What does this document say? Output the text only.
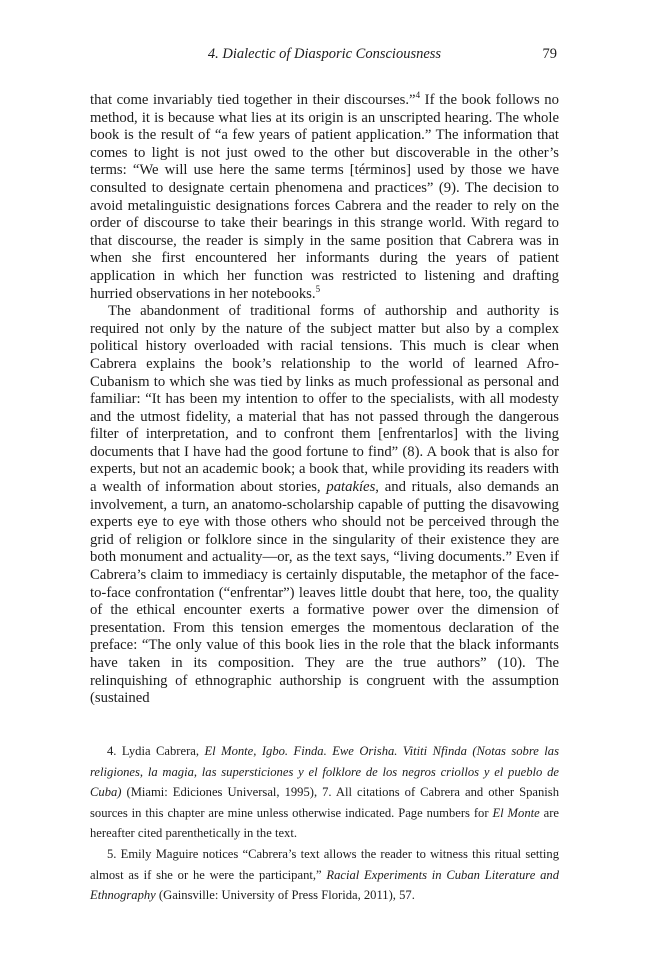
4. Dialectic of Diasporic Consciousness	79

that come invariably tied together in their discourses.”$^4$ If the book follows no method, it is because what lies at its origin is an unscripted hearing. The whole book is the result of “a few years of patient application.” The information that comes to light is not just owed to the other but discoverable in the other’s terms: “We will use here the same terms [términos] used by those we have consulted to designate certain phenomena and practices” (9). The decision to avoid metalinguistic designations forces Cabrera and the reader to rely on the order of discourse to take their bearings in this strange world. With regard to that discourse, the reader is simply in the same position that Cabrera was in when she first encountered her informants during the years of patient application in which her function was restricted to listening and drafting hurried observations in her notebooks.$^5$

The abandonment of traditional forms of authorship and authority is required not only by the nature of the subject matter but also by a complex political history overloaded with racial tensions. This much is clear when Cabrera explains the book’s relationship to the world of learned Afro-Cubanism to which she was tied by links as much professional as personal and familiar: “It has been my intention to offer to the specialists, with all modesty and the utmost fidelity, a material that has not passed through the dangerous filter of interpretation, and to confront them [enfrentarlos] with the living documents that I have had the good fortune to find” (8). A book that is also for experts, but not an academic book; a book that, while providing its readers with a wealth of information about stories, patakíes, and rituals, also demands an involvement, a turn, an anatomo-scholarship capable of putting the disavowing experts eye to eye with those others who should not be perceived through the grid of religion or folklore since in the singularity of their existence they are both monument and actuality—or, as the text says, “living documents.” Even if Cabrera’s claim to immediacy is certainly disputable, the metaphor of the face-to-face confrontation (“enfrentar”) leaves little doubt that here, too, the quality of the ethical encounter exerts a formative power over the dimension of presentation. From this tension emerges the momentous declaration of the preface: “The only value of this book lies in the role that the black informants have taken in its composition. They are the true authors” (10). The relinquishing of ethnographic authorship is congruent with the assumption (sustained

4. Lydia Cabrera, El Monte, Igbo. Finda. Ewe Orisha. Vititi Nfinda (Notas sobre las religiones, la magia, las supersticiones y el folklore de los negros criollos y el pueblo de Cuba) (Miami: Ediciones Universal, 1995), 7. All citations of Cabrera and other Spanish sources in this chapter are mine unless otherwise indicated. Page numbers for El Monte are hereafter cited parenthetically in the text.

5. Emily Maguire notices “Cabrera’s text allows the reader to witness this ritual setting almost as if she or he were the participant,” Racial Experiments in Cuban Literature and Ethnography (Gainsville: University of Press Florida, 2011), 57.
